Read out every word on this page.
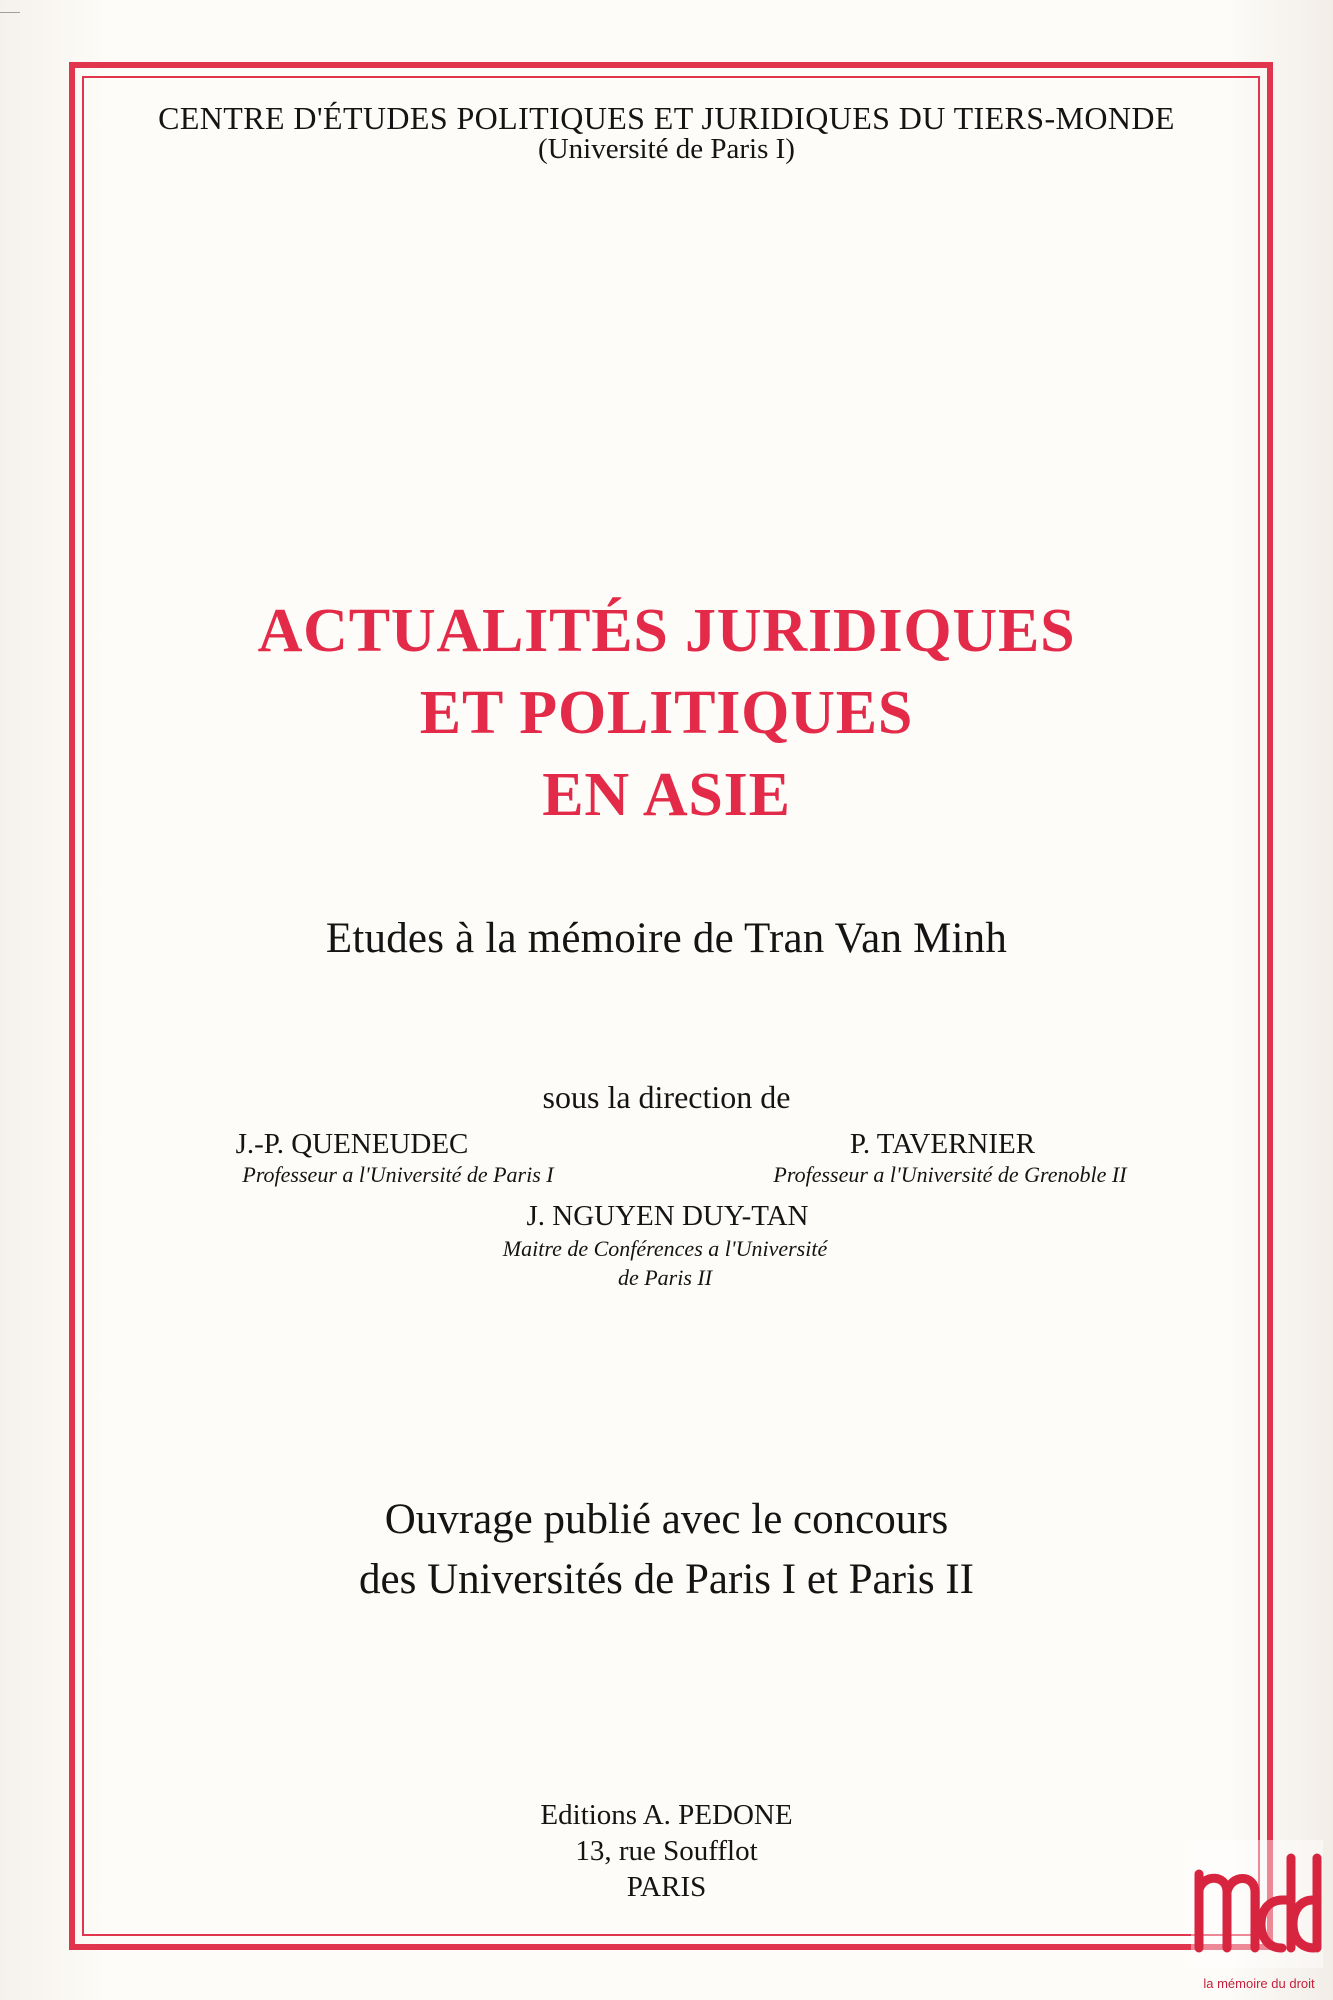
CENTRE D'ÉTUDES POLITIQUES ET JURIDIQUES DU TIERS-MONDE
(Université de Paris I)
ACTUALITÉS JURIDIQUES
ET POLITIQUES
EN ASIE
Etudes à la mémoire de Tran Van Minh
sous la direction de
J.-P. QUENEUDEC
Professeur a l'Université de Paris I
P. TAVERNIER
Professeur a l'Université de Grenoble II
J. NGUYEN DUY-TAN
Maitre de Conférences a l'Université
de Paris II
Ouvrage publié avec le concours
des Universités de Paris I et Paris II
Editions A. PEDONE
13, rue Soufflot
PARIS
la mémoire du droit
